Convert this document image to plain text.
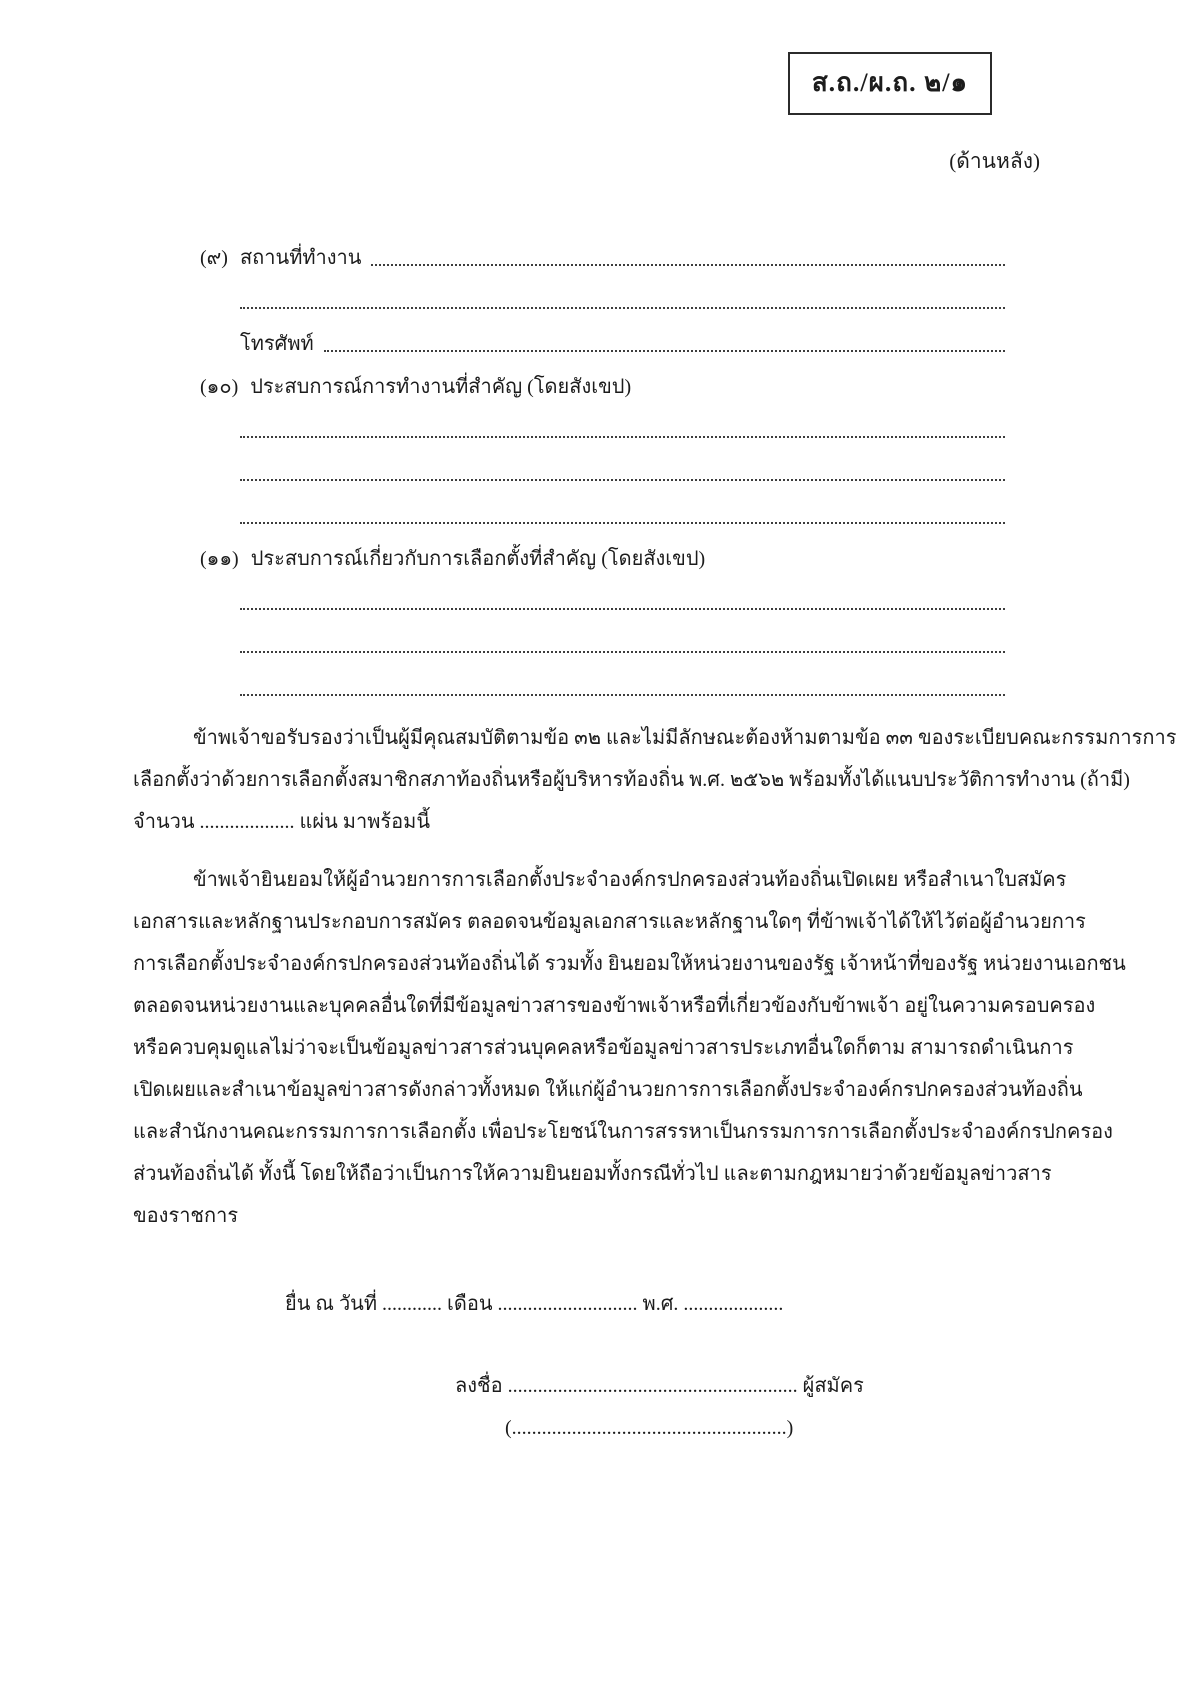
ส.ถ./ผ.ถ. ๒/๑
(ด้านหลัง)
(๙) สถานที่ทำงาน
โทรศัพท์
(๑๐) ประสบการณ์การทำงานที่สำคัญ (โดยสังเขป)
(๑๑) ประสบการณ์เกี่ยวกับการเลือกตั้งที่สำคัญ (โดยสังเขป)
ข้าพเจ้าขอรับรองว่าเป็นผู้มีคุณสมบัติตามข้อ ๓๒ และไม่มีลักษณะต้องห้ามตามข้อ ๓๓ ของระเบียบคณะกรรมการการ
เลือกตั้งว่าด้วยการเลือกตั้งสมาชิกสภาท้องถิ่นหรือผู้บริหารท้องถิ่น พ.ศ. ๒๕๖๒ พร้อมทั้งได้แนบประวัติการทำงาน (ถ้ามี)
จำนวน ................... แผ่น มาพร้อมนี้
ข้าพเจ้ายินยอมให้ผู้อำนวยการการเลือกตั้งประจำองค์กรปกครองส่วนท้องถิ่นเปิดเผย หรือสำเนาใบสมัคร
เอกสารและหลักฐานประกอบการสมัคร ตลอดจนข้อมูลเอกสารและหลักฐานใดๆ ที่ข้าพเจ้าได้ให้ไว้ต่อผู้อำนวยการ
การเลือกตั้งประจำองค์กรปกครองส่วนท้องถิ่นได้ รวมทั้ง ยินยอมให้หน่วยงานของรัฐ เจ้าหน้าที่ของรัฐ หน่วยงานเอกชน
ตลอดจนหน่วยงานและบุคคลอื่นใดที่มีข้อมูลข่าวสารของข้าพเจ้าหรือที่เกี่ยวข้องกับข้าพเจ้า อยู่ในความครอบครอง
หรือควบคุมดูแลไม่ว่าจะเป็นข้อมูลข่าวสารส่วนบุคคลหรือข้อมูลข่าวสารประเภทอื่นใดก็ตาม สามารถดำเนินการ
เปิดเผยและสำเนาข้อมูลข่าวสารดังกล่าวทั้งหมด ให้แก่ผู้อำนวยการการเลือกตั้งประจำองค์กรปกครองส่วนท้องถิ่น
และสำนักงานคณะกรรมการการเลือกตั้ง เพื่อประโยชน์ในการสรรหาเป็นกรรมการการเลือกตั้งประจำองค์กรปกครอง
ส่วนท้องถิ่นได้ ทั้งนี้ โดยให้ถือว่าเป็นการให้ความยินยอมทั้งกรณีทั่วไป และตามกฎหมายว่าด้วยข้อมูลข่าวสาร
ของราชการ
ยื่น ณ วันที่ ............ เดือน ............................ พ.ศ. ....................
ลงชื่อ .......................................................... ผู้สมัคร
(.......................................................)
